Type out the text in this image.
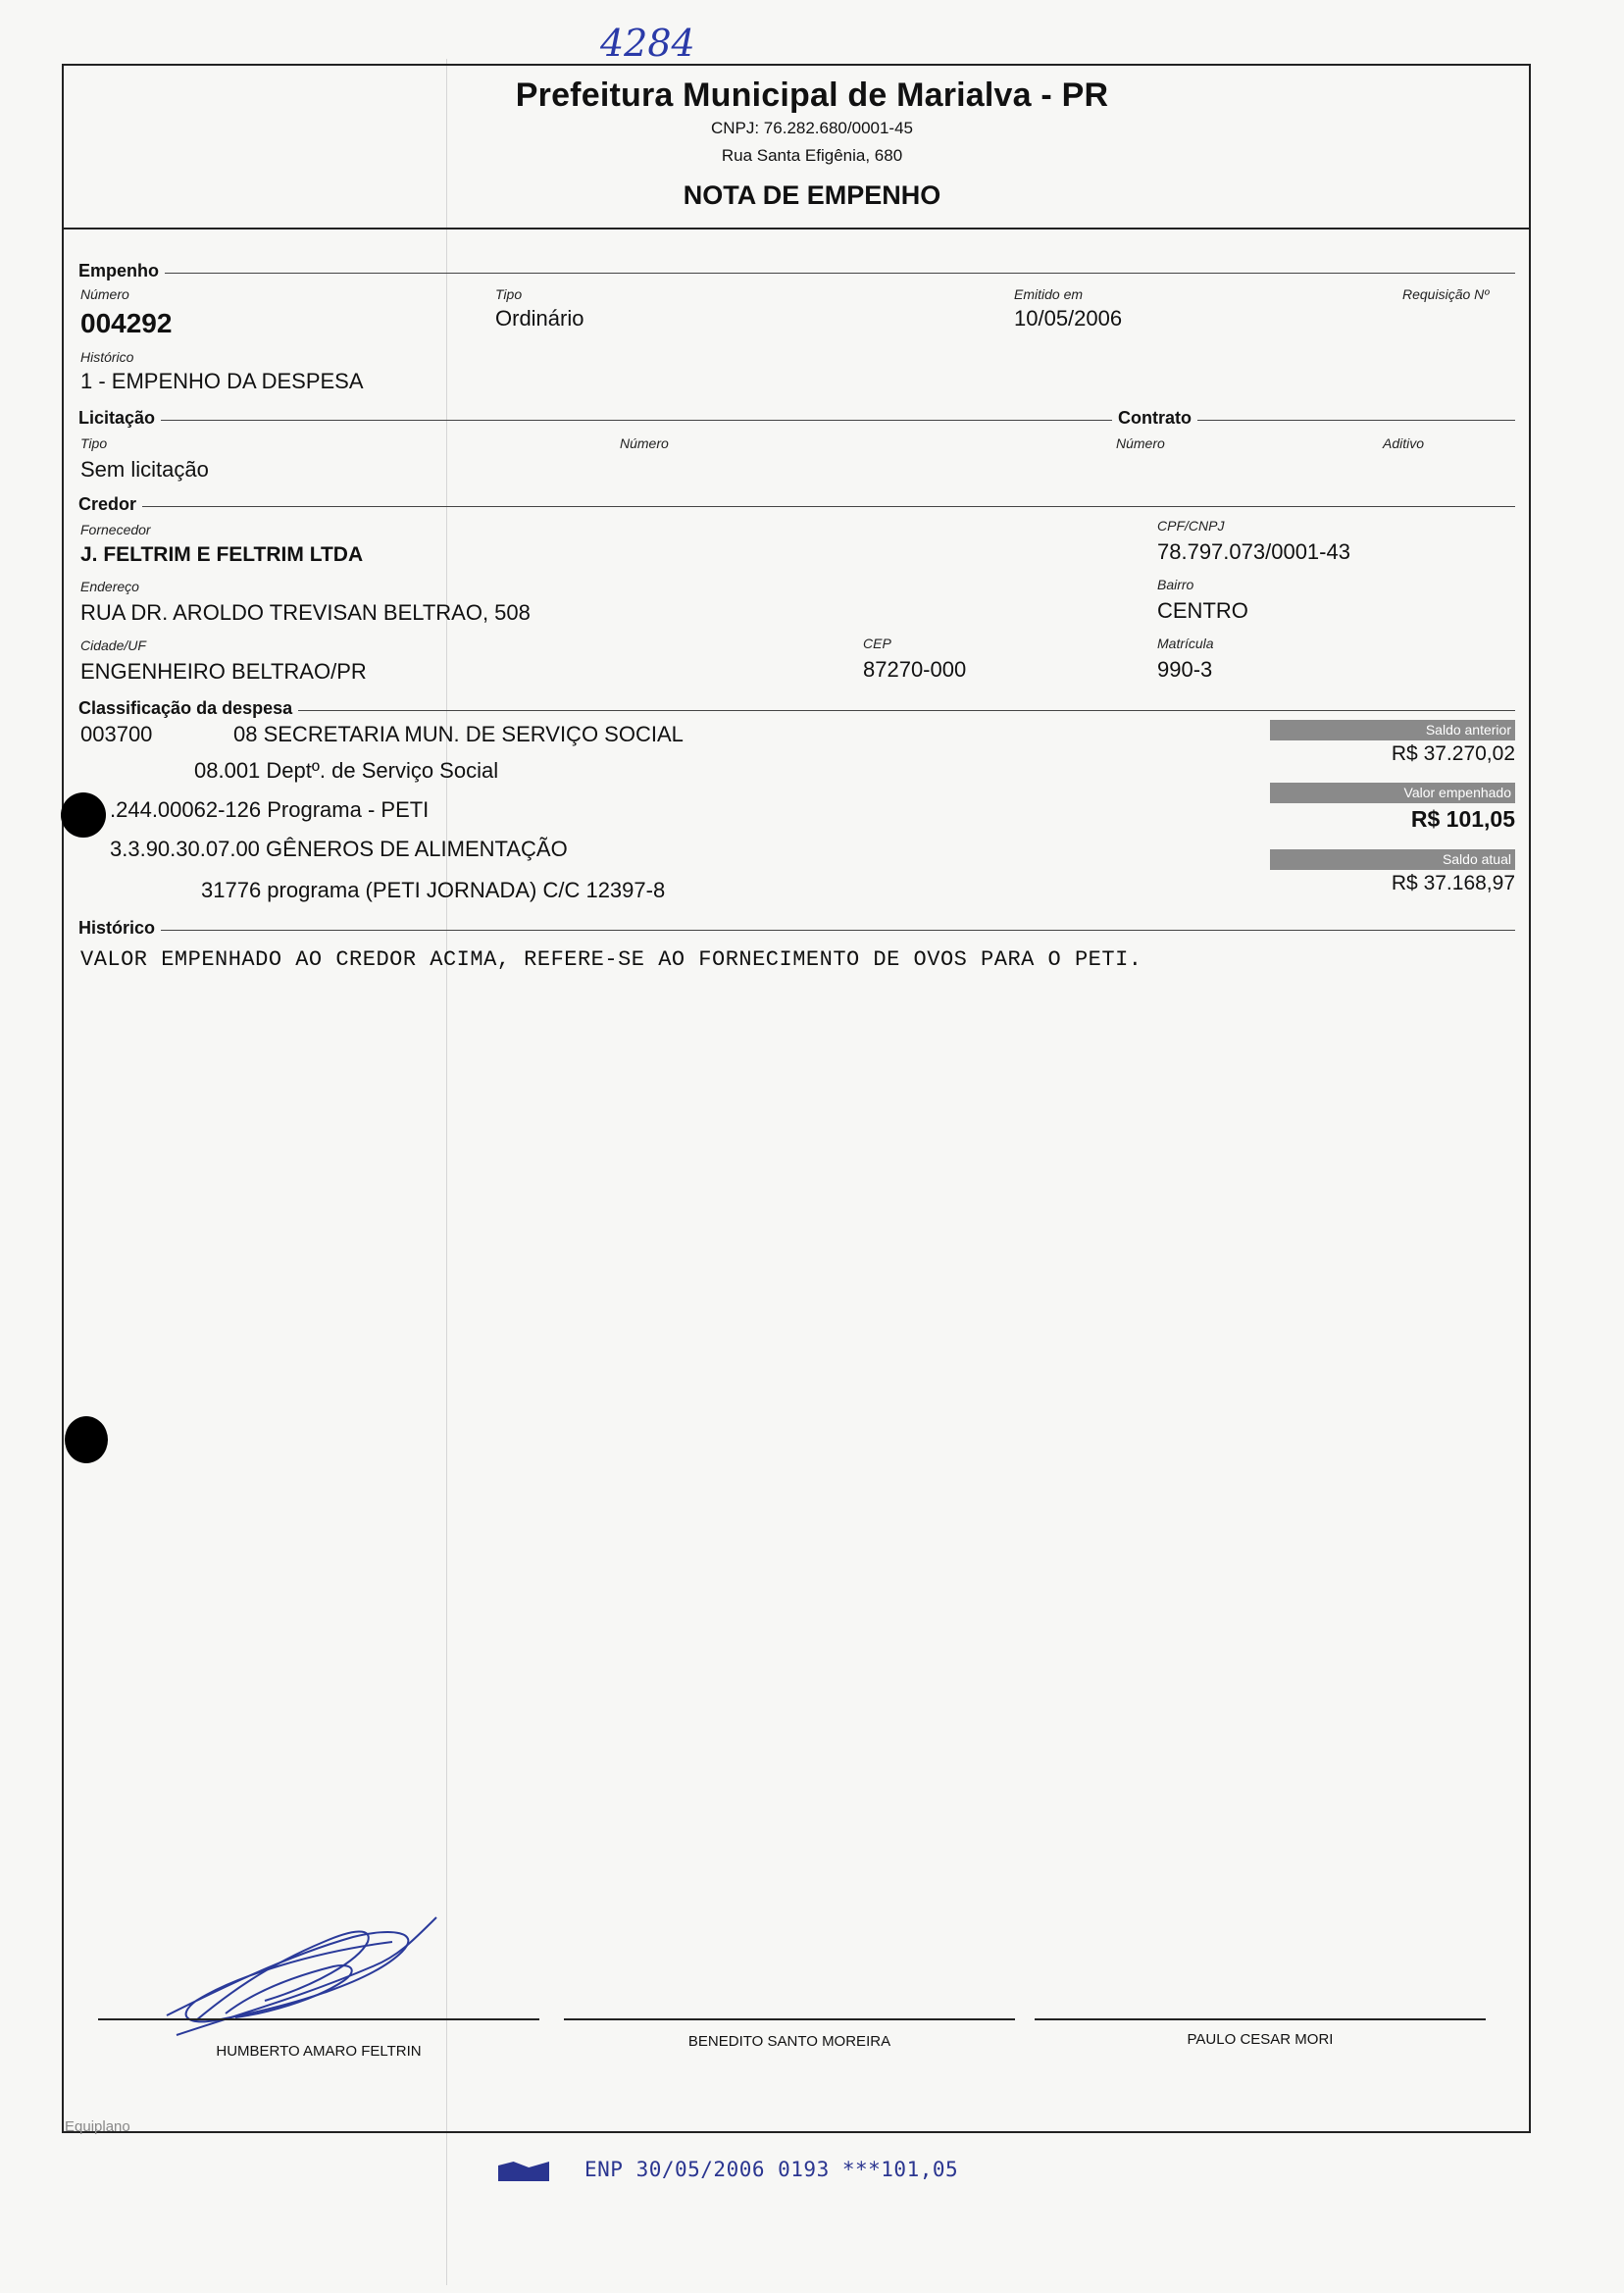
4284
Prefeitura Municipal de Marialva - PR
CNPJ: 76.282.680/0001-45
Rua Santa Efigênia, 680
NOTA DE EMPENHO
Empenho
Número
004292
Tipo
Ordinário
Emitido em
10/05/2006
Requisição Nº
Histórico
1 - EMPENHO DA DESPESA
Licitação	Contrato
Tipo
Sem licitação
Número	Número	Aditivo
Credor
Fornecedor
J. FELTRIM E FELTRIM LTDA
CPF/CNPJ
78.797.073/0001-43
Endereço
RUA DR. AROLDO TREVISAN BELTRAO, 508
Bairro
CENTRO
Cidade/UF
ENGENHEIRO BELTRAO/PR
CEP
87270-000
Matrícula
990-3
Classificação da despesa
003700	08 SECRETARIA MUN. DE SERVIÇO SOCIAL
08.001 Deptº. de Serviço Social
.244.00062-126 Programa - PETI
3.3.90.30.07.00 GÊNEROS DE ALIMENTAÇÃO
31776 programa (PETI JORNADA) C/C 12397-8
Saldo anterior
R$ 37.270,02
Valor empenhado
R$ 101,05
Saldo atual
R$ 37.168,97
Histórico
VALOR EMPENHADO AO CREDOR ACIMA, REFERE-SE AO FORNECIMENTO DE OVOS PARA O PETI.
HUMBERTO AMARO FELTRIN
BENEDITO SANTO MOREIRA	PAULO CESAR MORI
Equiplano
ENP 30/05/2006 0193 ***101,05
